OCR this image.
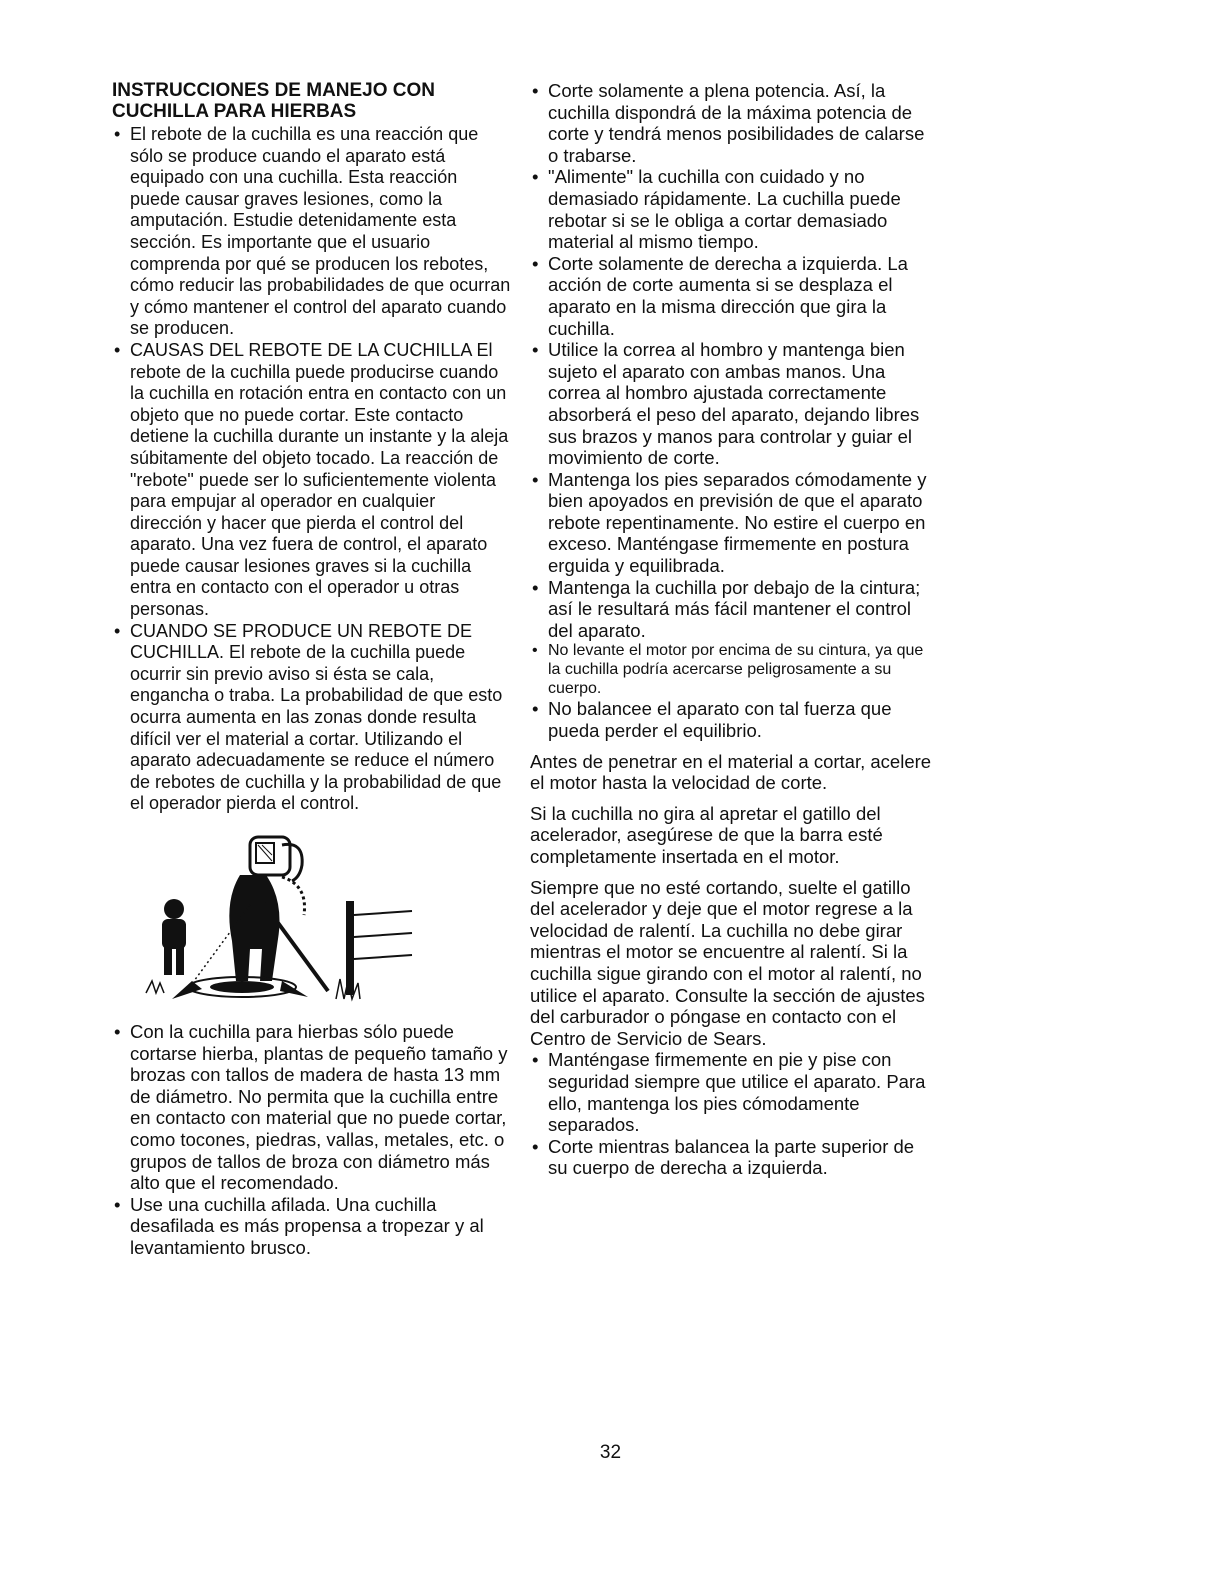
INSTRUCCIONES DE MANEJO CON
CUCHILLA PARA HIERBAS
• El rebote de la cuchilla es una reacción que sólo se produce cuando el aparato está equipado con una cuchilla. Esta reacción puede causar graves lesiones, como la amputación. Estudie detenidamente esta sección. Es importante que el usuario comprenda por qué se producen los rebotes, cómo reducir las probabilidades de que ocurran y cómo mantener el control del aparato cuando se producen.
• CAUSAS DEL REBOTE DE LA CUCHILLA El rebote de la cuchilla puede producirse cuando la cuchilla en rotación entra en contacto con un objeto que no puede cortar. Este contacto detiene la cuchilla durante un instante y la aleja súbitamente del objeto tocado. La reacción de "rebote" puede ser lo suficientemente violenta para empujar al operador en cualquier dirección y hacer que pierda el control del aparato. Una vez fuera de control, el aparato puede causar lesiones graves si la cuchilla entra en contacto con el operador u otras personas.
• CUANDO SE PRODUCE UN REBOTE DE CUCHILLA. El rebote de la cuchilla puede ocurrir sin previo aviso si ésta se cala, engancha o traba. La probabilidad de que esto ocurra aumenta en las zonas donde resulta difícil ver el material a cortar. Utilizando el aparato adecuadamente se reduce el número de rebotes de cuchilla y la probabilidad de que el operador pierda el control.
• Con la cuchilla para hierbas sólo puede cortarse hierba, plantas de pequeño tamaño y brozas con tallos de madera de hasta 13 mm de diámetro. No permita que la cuchilla entre en contacto con material que no puede cortar, como tocones, piedras, vallas, metales, etc. o grupos de tallos de broza con diámetro más alto que el recomendado.
• Use una cuchilla afilada. Una cuchilla desafilada es más propensa a tropezar y al levantamiento brusco.
• Corte solamente a plena potencia. Así, la cuchilla dispondrá de la máxima potencia de corte y tendrá menos posibilidades de calarse o trabarse.
• "Alimente" la cuchilla con cuidado y no demasiado rápidamente. La cuchilla puede rebotar si se le obliga a cortar demasiado material al mismo tiempo.
• Corte solamente de derecha a izquierda. La acción de corte aumenta si se desplaza el aparato en la misma dirección que gira la cuchilla.
• Utilice la correa al hombro y mantenga bien sujeto el aparato con ambas manos. Una correa al hombro ajustada correctamente absorberá el peso del aparato, dejando libres sus brazos y manos para controlar y guiar el movimiento de corte.
• Mantenga los pies separados cómodamente y bien apoyados en previsión de que el aparato rebote repentinamente. No estire el cuerpo en exceso. Manténgase firmemente en postura erguida y equilibrada.
• Mantenga la cuchilla por debajo de la cintura; así le resultará más fácil mantener el control del aparato.
• No levante el motor por encima de su cintura, ya que la cuchilla podría acercarse peligrosamente a su cuerpo.
• No balancee el aparato con tal fuerza que pueda perder el equilibrio.

Antes de penetrar en el material a cortar, acelere el motor hasta la velocidad de corte.

Si la cuchilla no gira al apretar el gatillo del acelerador, asegúrese de que la barra esté completamente insertada en el motor.

Siempre que no esté cortando, suelte el gatillo del acelerador y deje que el motor regrese a la velocidad de ralentí. La cuchilla no debe girar mientras el motor se encuentre al ralentí. Si la cuchilla sigue girando con el motor al ralentí, no utilice el aparato. Consulte la sección de ajustes del carburador o póngase en contacto con el Centro de Servicio de Sears.

• Manténgase firmemente en pie y pise con seguridad siempre que utilice el aparato. Para ello, mantenga los pies cómodamente separados.
• Corte mientras balancea la parte superior de su cuerpo de derecha a izquierda.
32
